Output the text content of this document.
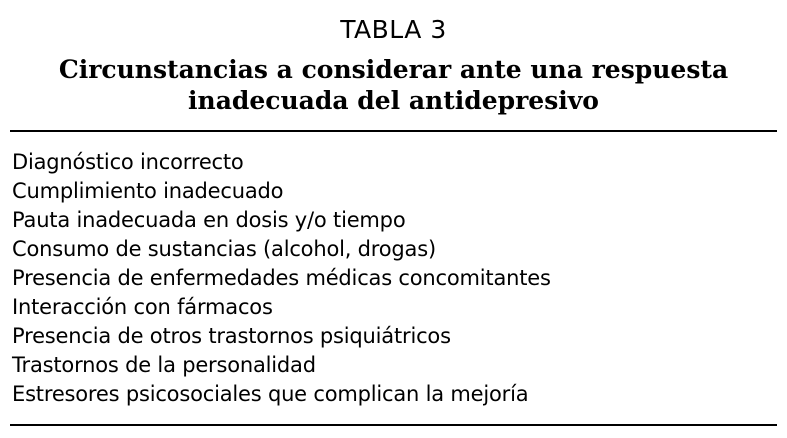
TABLA 3
Circunstancias a considerar ante una respuesta
inadecuada del antidepresivo
Diagnóstico incorrecto
Cumplimiento inadecuado
Pauta inadecuada en dosis y/o tiempo
Consumo de sustancias (alcohol, drogas)
Presencia de enfermedades médicas concomitantes
Interacción con fármacos
Presencia de otros trastornos psiquiátricos
Trastornos de la personalidad
Estresores psicosociales que complican la mejoría
